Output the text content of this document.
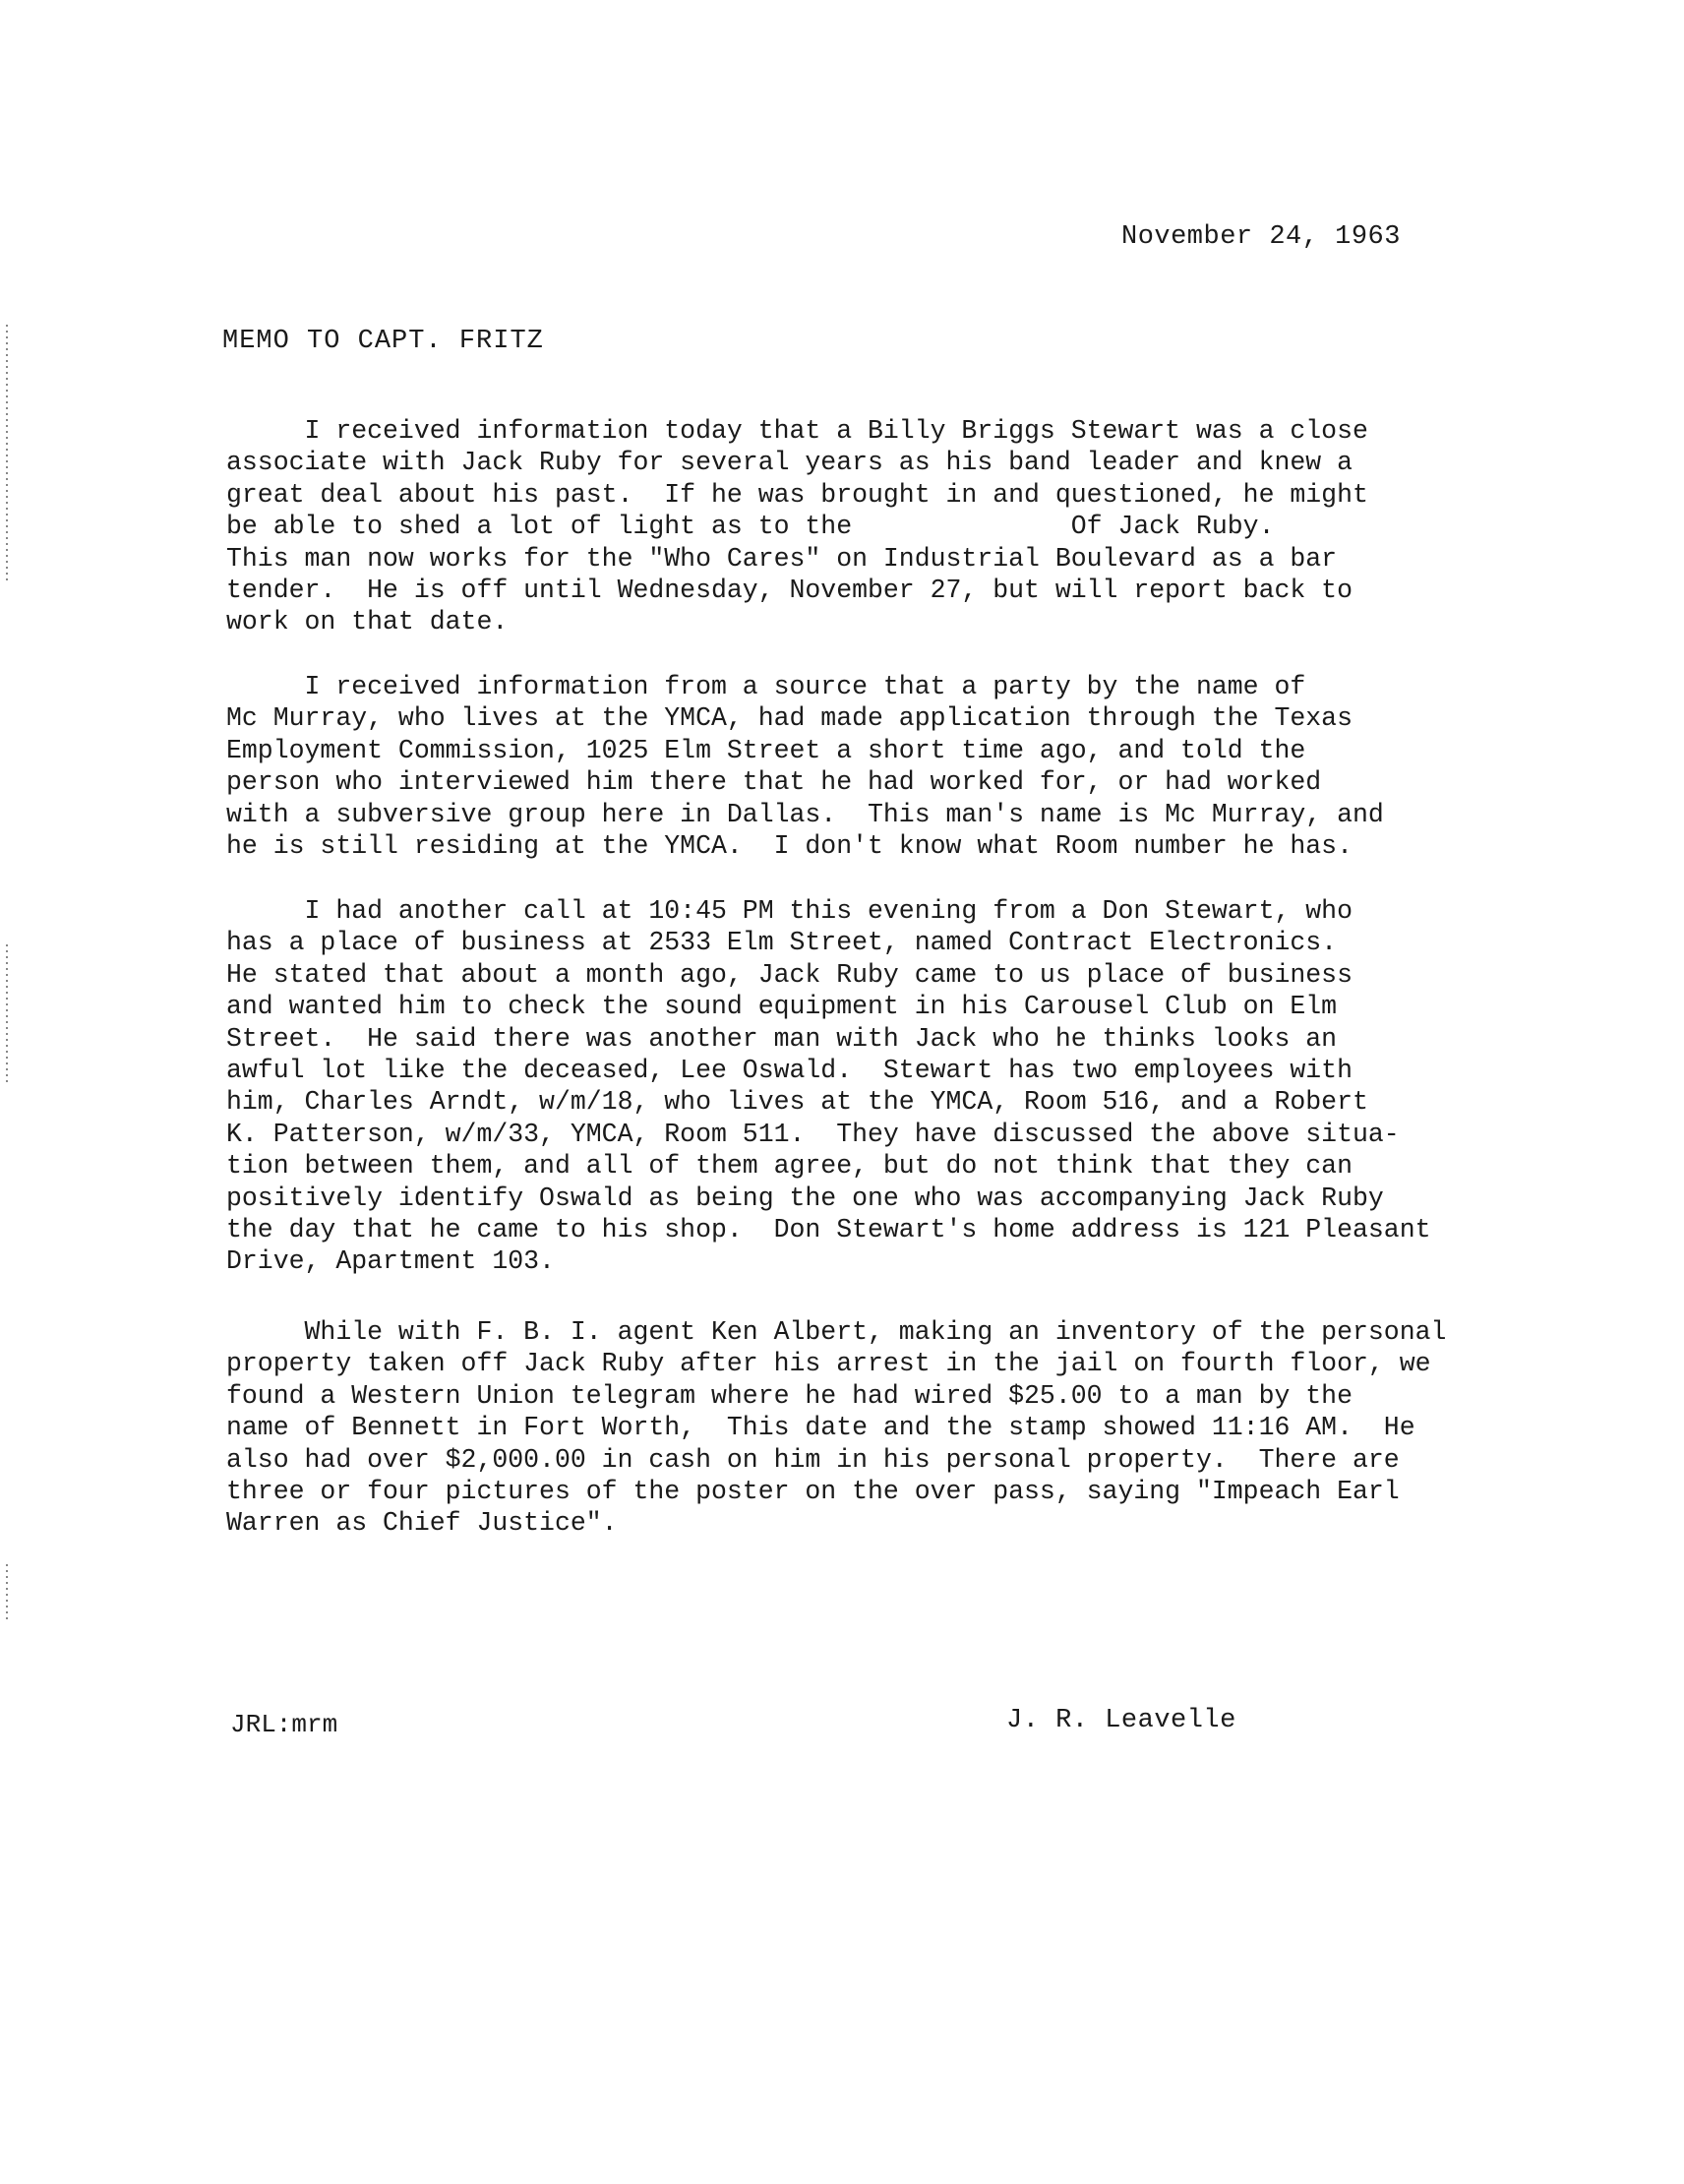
November 24, 1963
MEMO TO CAPT. FRITZ
I received information today that a Billy Briggs Stewart was a close
associate with Jack Ruby for several years as his band leader and knew a
great deal about his past.  If he was brought in and questioned, he might
be able to shed a lot of light as to the              Of Jack Ruby.
This man now works for the "Who Cares" on Industrial Boulevard as a bar
tender.  He is off until Wednesday, November 27, but will report back to
work on that date.
I received information from a source that a party by the name of
Mc Murray, who lives at the YMCA, had made application through the Texas
Employment Commission, 1025 Elm Street a short time ago, and told the
person who interviewed him there that he had worked for, or had worked
with a subversive group here in Dallas.  This man's name is Mc Murray, and
he is still residing at the YMCA.  I don't know what Room number he has.
I had another call at 10:45 PM this evening from a Don Stewart, who
has a place of business at 2533 Elm Street, named Contract Electronics.
He stated that about a month ago, Jack Ruby came to us place of business
and wanted him to check the sound equipment in his Carousel Club on Elm
Street.  He said there was another man with Jack who he thinks looks an
awful lot like the deceased, Lee Oswald.  Stewart has two employees with
him, Charles Arndt, w/m/18, who lives at the YMCA, Room 516, and a Robert
K. Patterson, w/m/33, YMCA, Room 511.  They have discussed the above situa-
tion between them, and all of them agree, but do not think that they can
positively identify Oswald as being the one who was accompanying Jack Ruby
the day that he came to his shop.  Don Stewart's home address is 121 Pleasant
Drive, Apartment 103.
While with F. B. I. agent Ken Albert, making an inventory of the personal
property taken off Jack Ruby after his arrest in the jail on fourth floor, we
found a Western Union telegram where he had wired $25.00 to a man by the
name of Bennett in Fort Worth,  This date and the stamp showed 11:16 AM.  He
also had over $2,000.00 in cash on him in his personal property.  There are
three or four pictures of the poster on the over pass, saying "Impeach Earl
Warren as Chief Justice".
JRL:mrm	J. R. Leavelle
